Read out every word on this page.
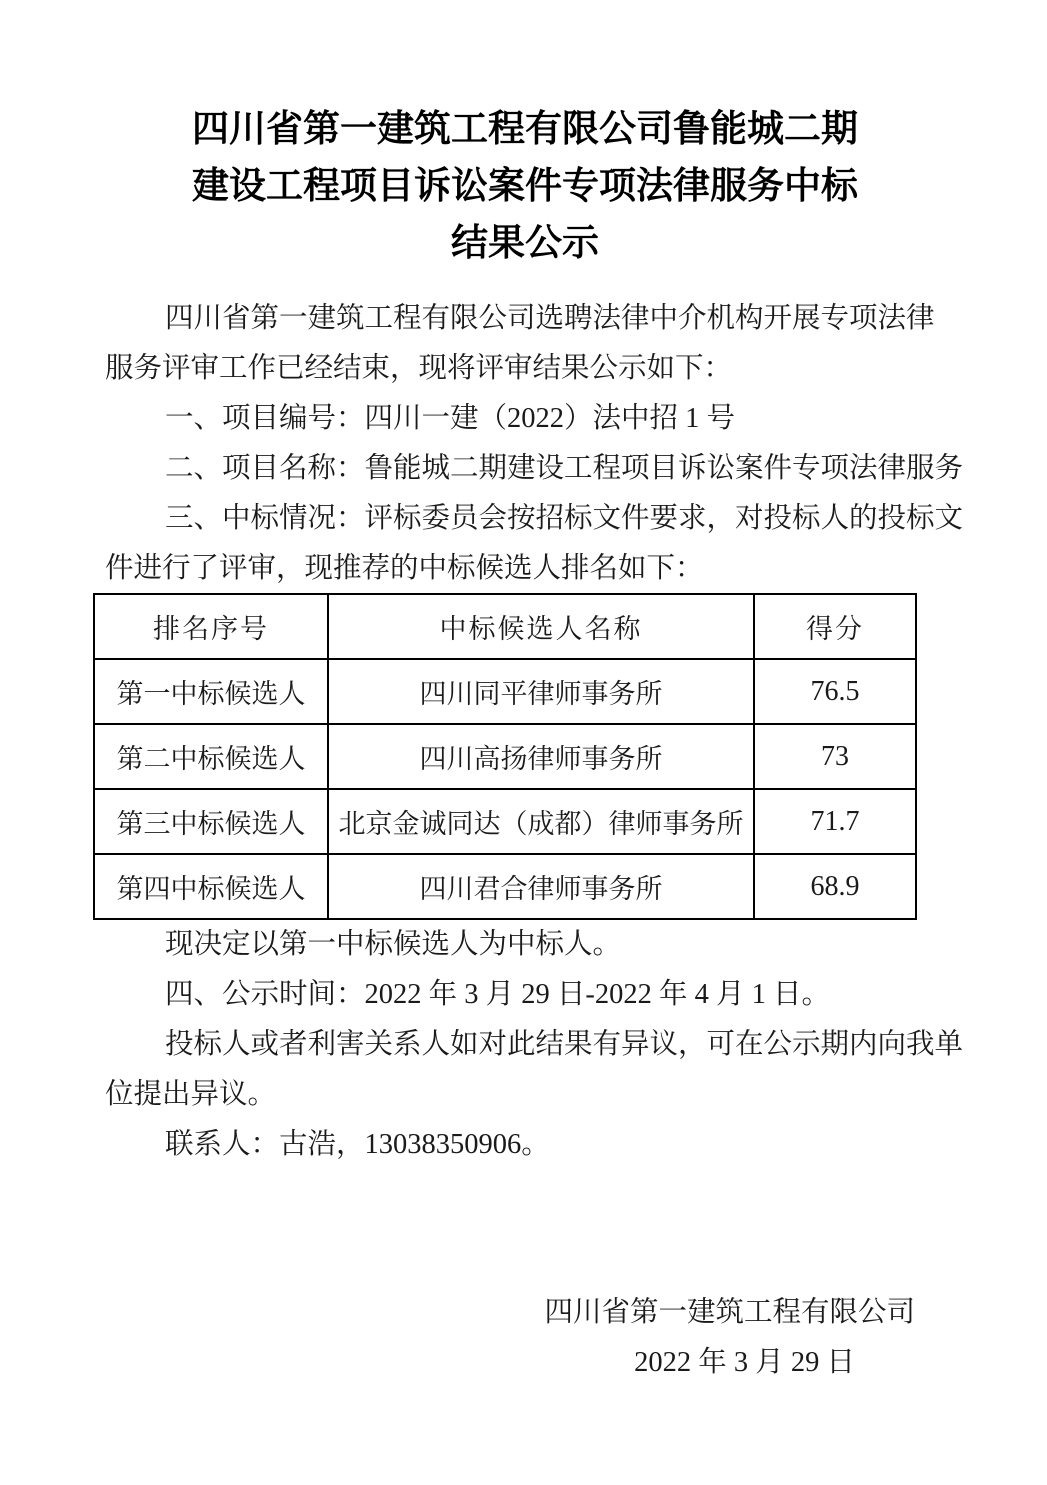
四川省第一建筑工程有限公司鲁能城二期
建设工程项目诉讼案件专项法律服务中标
结果公示

四川省第一建筑工程有限公司选聘法律中介机构开展专项法律

服务评审工作已经结束，现将评审结果公示如下：

一、项目编号：四川一建（2022）法中招 1 号

二、项目名称：鲁能城二期建设工程项目诉讼案件专项法律服务

三、中标情况：评标委员会按招标文件要求，对投标人的投标文

件进行了评审，现推荐的中标候选人排名如下：

排名序号	中标候选人名称	得分
第一中标候选人	四川同平律师事务所	76.5
第二中标候选人	四川高扬律师事务所	73
第三中标候选人	北京金诚同达（成都）律师事务所	71.7
第四中标候选人	四川君合律师事务所	68.9

现决定以第一中标候选人为中标人。

四、公示时间：2022 年 3 月 29 日-2022 年 4 月 1 日。

投标人或者利害关系人如对此结果有异议，可在公示期内向我单

位提出异议。

联系人：古浩，13038350906。

四川省第一建筑工程有限公司
2022 年 3 月 29 日
